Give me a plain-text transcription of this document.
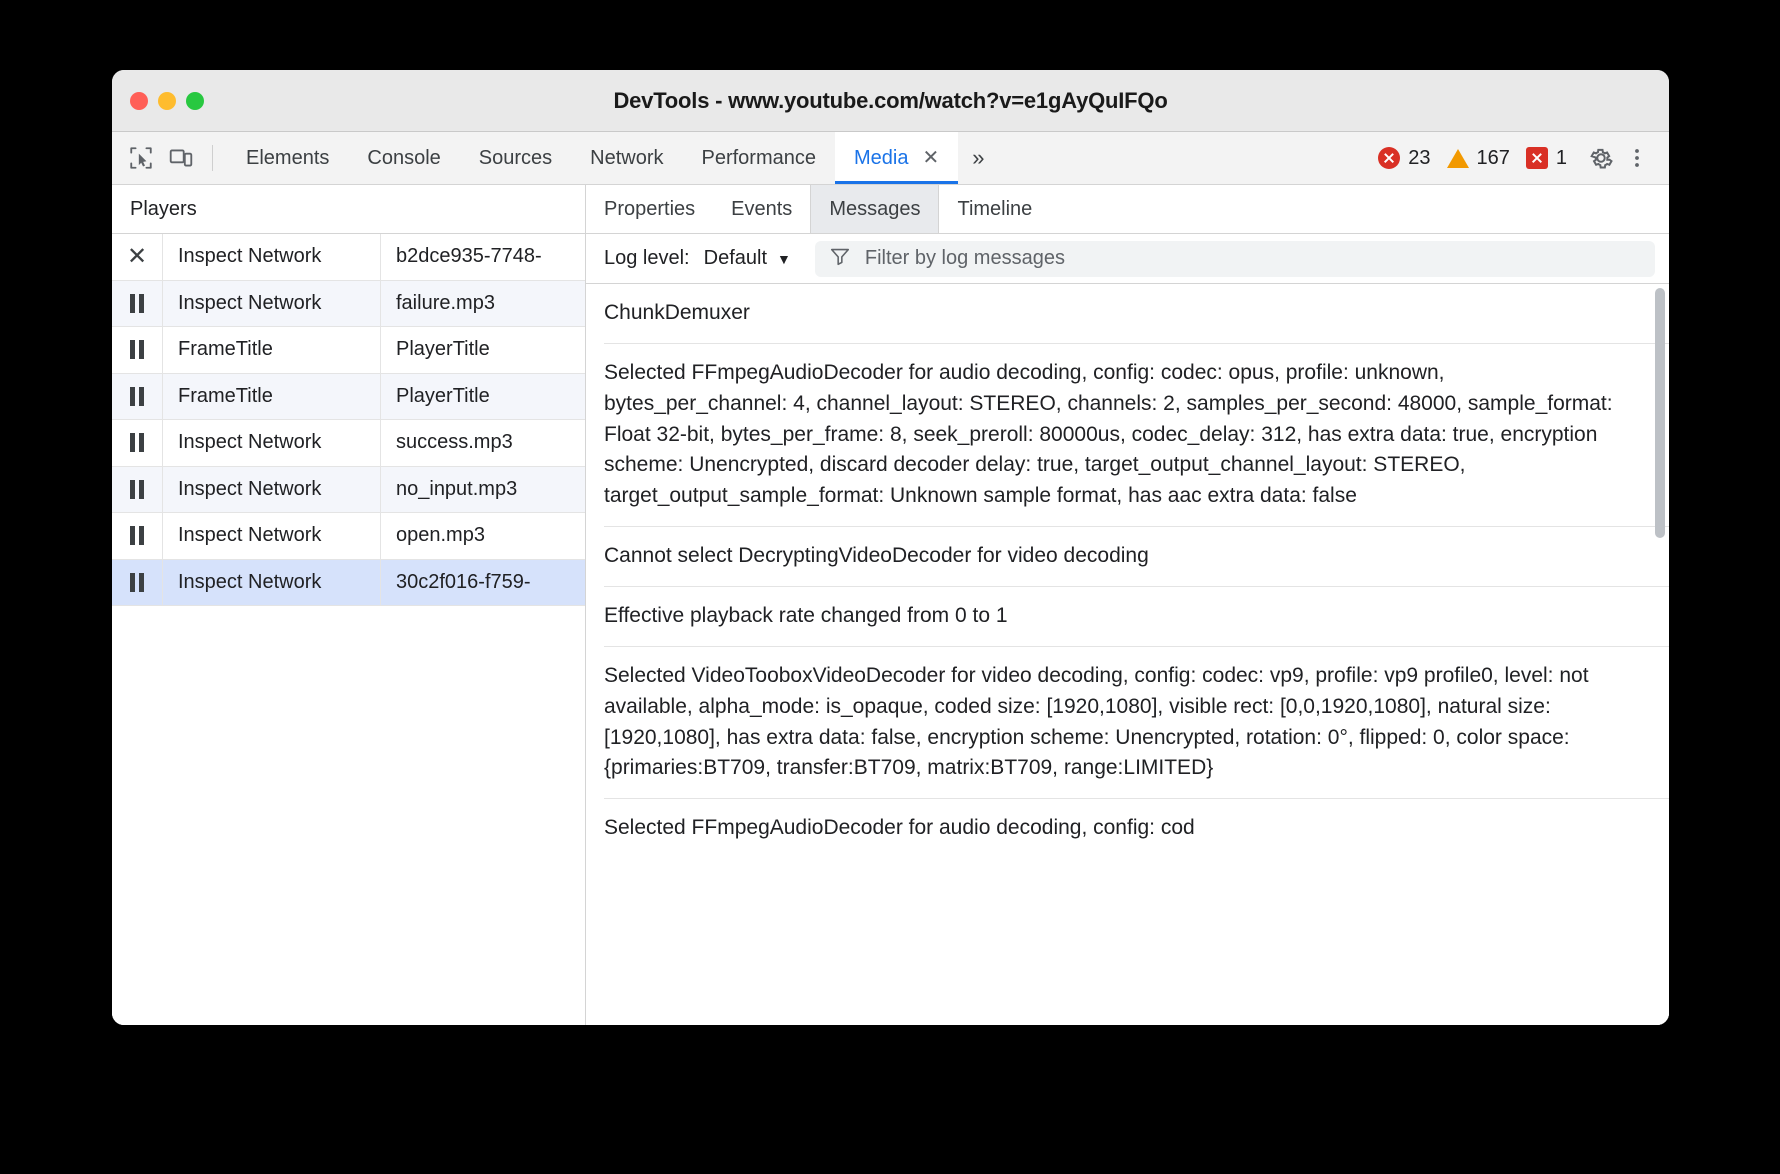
DevTools - www.youtube.com/watch?v=e1gAyQuIFQo
Elements Console Sources Network Performance Media ✕	»	23 167 1
Players
✕	Inspect Network	b2dce935-7748-
Inspect Network	failure.mp3
FrameTitle	PlayerTitle
FrameTitle	PlayerTitle
Inspect Network	success.mp3
Inspect Network	no_input.mp3
Inspect Network	open.mp3
Inspect Network	30c2f016-f759-
Properties Events Messages Timeline
Log level: Default ▼
Filter by log messages
ChunkDemuxer
Selected FFmpegAudioDecoder for audio decoding, config: codec: opus, profile: unknown, bytes_per_channel: 4, channel_layout: STEREO, channels: 2, samples_per_second: 48000, sample_format: Float 32-bit, bytes_per_frame: 8, seek_preroll: 80000us, codec_delay: 312, has extra data: true, encryption scheme: Unencrypted, discard decoder delay: true, target_output_channel_layout: STEREO, target_output_sample_format: Unknown sample format, has aac extra data: false
Cannot select DecryptingVideoDecoder for video decoding
Effective playback rate changed from 0 to 1
Selected VideoTooboxVideoDecoder for video decoding, config: codec: vp9, profile: vp9 profile0, level: not available, alpha_mode: is_opaque, coded size: [1920,1080], visible rect: [0,0,1920,1080], natural size: [1920,1080], has extra data: false, encryption scheme: Unencrypted, rotation: 0°, flipped: 0, color space: {primaries:BT709, transfer:BT709, matrix:BT709, range:LIMITED}
Selected FFmpegAudioDecoder for audio decoding, config: cod
